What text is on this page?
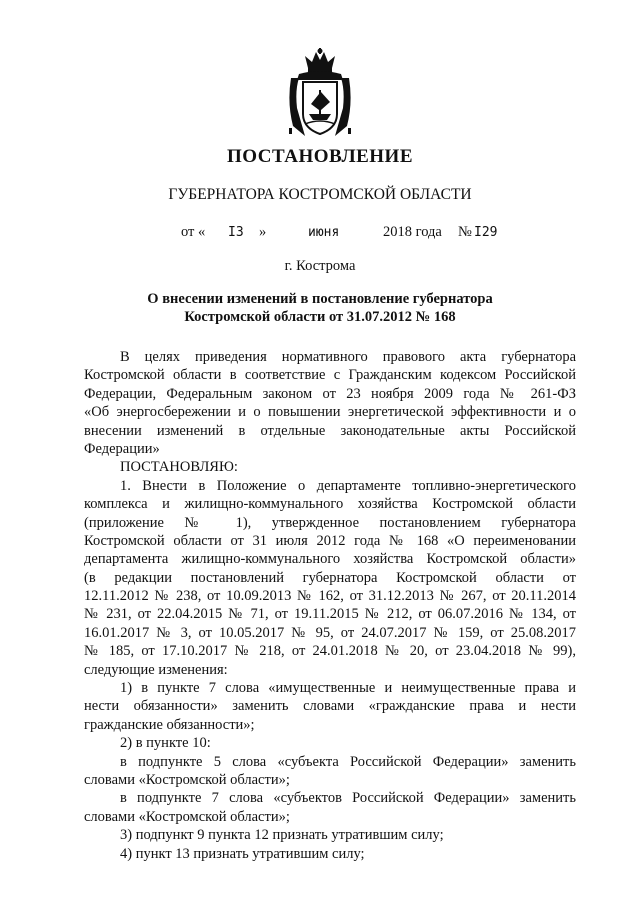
ПОСТАНОВЛЕНИЕ
ГУБЕРНАТОРА КОСТРОМСКОЙ ОБЛАСТИ
от « I3 »	июня	2018 года № I29
г. Кострома
О внесении изменений в постановление губернатора
Костромской области от 31.07.2012 № 168
В целях приведения нормативного правового акта губернатора
Костромской области в соответствие с Гражданским кодексом Российской
Федерации, Федеральным законом от 23 ноября 2009 года № 261-ФЗ
«Об энергосбережении и о повышении энергетической эффективности и о
внесении изменений в отдельные законодательные акты Российской
Федерации»
ПОСТАНОВЛЯЮ:
1. Внести в Положение о департаменте топливно-энергетического
комплекса и жилищно-коммунального хозяйства Костромской области
(приложение № 1), утвержденное постановлением губернатора
Костромской области от 31 июля 2012 года № 168 «О переименовании
департамента жилищно-коммунального хозяйства Костромской области»
(в редакции постановлений губернатора Костромской области от
12.11.2012 № 238, от 10.09.2013 № 162, от 31.12.2013 № 267, от 20.11.2014
№ 231, от 22.04.2015 № 71, от 19.11.2015 № 212, от 06.07.2016 № 134, от
16.01.2017 № 3, от 10.05.2017 № 95, от 24.07.2017 № 159, от 25.08.2017
№ 185, от 17.10.2017 № 218, от 24.01.2018 № 20, от 23.04.2018 № 99),
следующие изменения:
1) в пункте 7 слова «имущественные и неимущественные права и
нести обязанности» заменить словами «гражданские права и нести
гражданские обязанности»;
2) в пункте 10:
в подпункте 5 слова «субъекта Российской Федерации» заменить
словами «Костромской области»;
в подпункте 7 слова «субъектов Российской Федерации» заменить
словами «Костромской области»;
3) подпункт 9 пункта 12 признать утратившим силу;
4) пункт 13 признать утратившим силу;
